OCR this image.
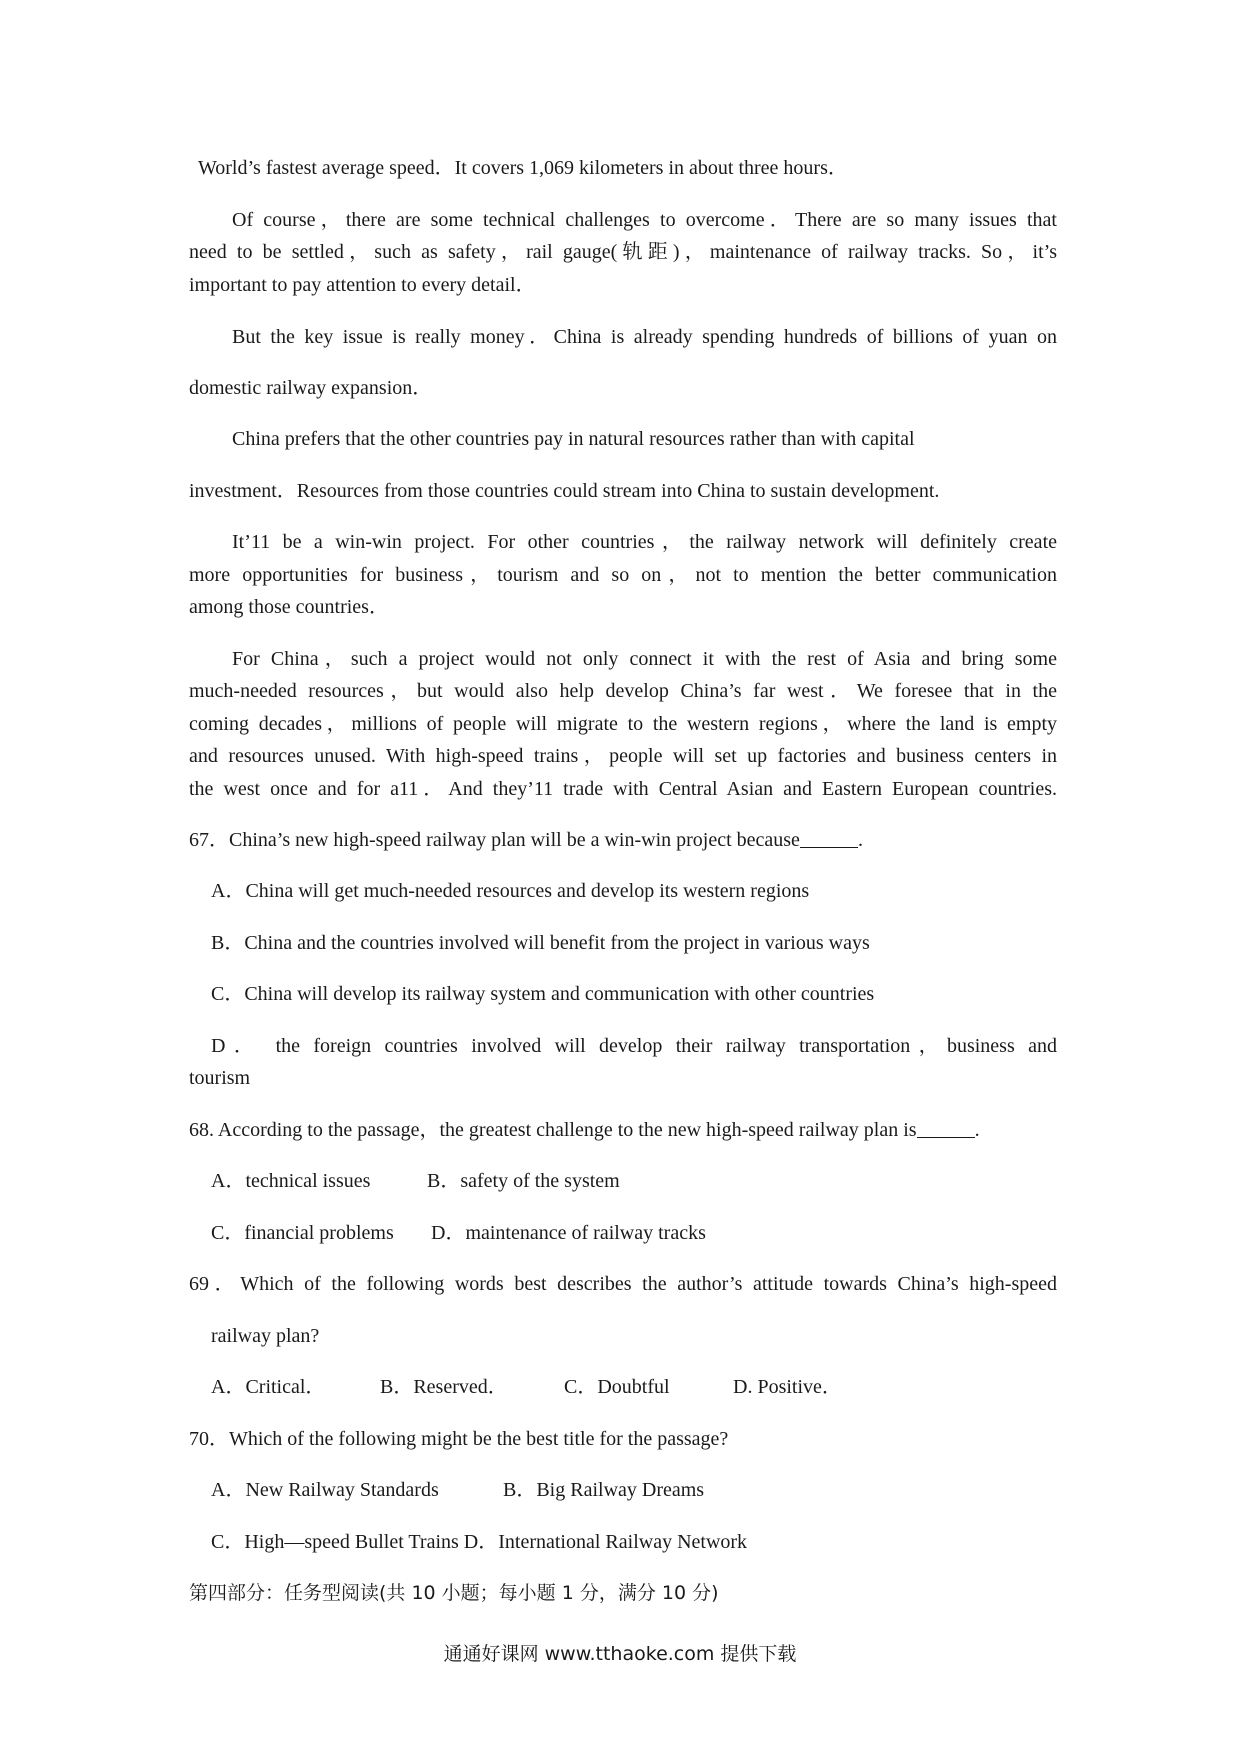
World’s fastest average speed．It covers 1,069 kilometers in about three hours．
Of course，there are some technical challenges to overcome．There are so many issues that
need to be settled，such as safety，rail gauge(轨距)，maintenance of railway tracks. So，it’s
important to pay attention to every detail．
But the key issue is really money．China is already spending hundreds of billions of yuan on
domestic railway expansion．
China prefers that the other countries pay in natural resources rather than with capital
investment．Resources from those countries could stream into China to sustain development.
It’11 be a win-win project. For other countries，the railway network will definitely create
more opportunities for business，tourism and so on，not to mention the better communication
among those countries．
For China，such a project would not only connect it with the rest of Asia and bring some
much-needed resources，but would also help develop China’s far west．We foresee that in the
coming decades，millions of people will migrate to the western regions，where the land is empty
and resources unused. With high-speed trains，people will set up factories and business centers in
the west once and for a11．And they’11 trade with Central Asian and Eastern European countries.
67．China’s new high-speed railway plan will be a win-win project because	.
A．China will get much-needed resources and develop its western regions
B．China and the countries involved will benefit from the project in various ways
C．China will develop its railway system and communication with other countries
D． the foreign countries involved will develop their railway transportation，business and
tourism
68. According to the passage，the greatest challenge to the new high-speed railway plan is	.
A．technical issues	B．safety of the system
C．financial problems D．maintenance of railway tracks
69．Which of the following words best describes the author’s attitude towards China’s high-speed
railway plan?
A．Critical．	B．Reserved．	C．Doubtful	D. Positive．
70．Which of the following might be the best title for the passage?
A．New Railway Standards	B．Big Railway Dreams
C．High—speed Bullet Trains D．International Railway Network
第四部分：任务型阅读(共 10 小题；每小题 1 分，满分 10 分)
通通好课网 www.tthaoke.com 提供下载
